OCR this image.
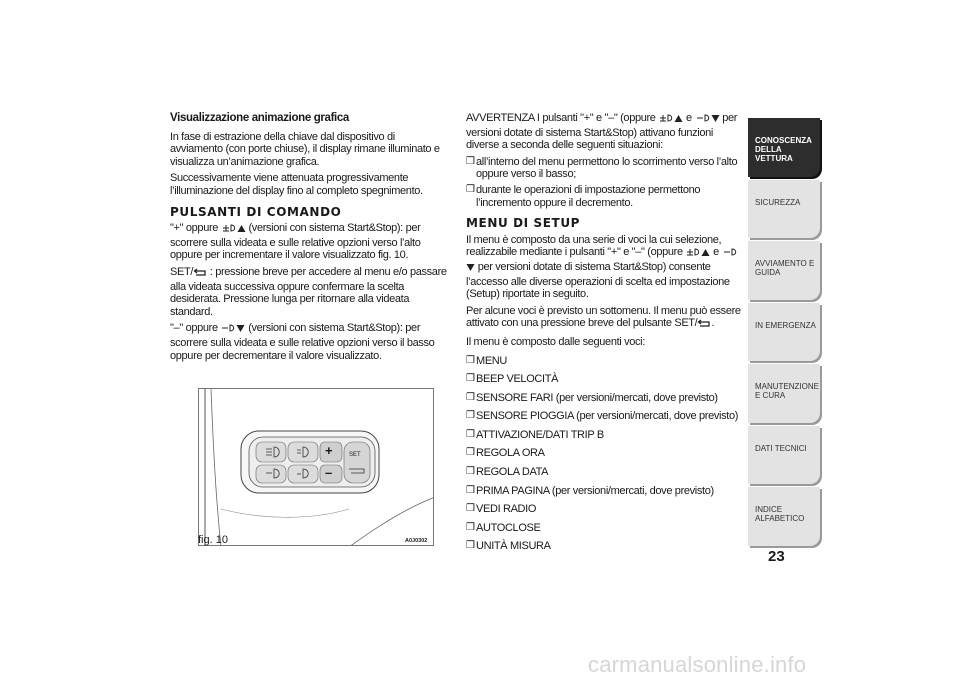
Visualizzazione animazione grafica

In fase di estrazione della chiave dal dispositivo di avviamento (con porte chiuse), il display rimane illuminato e visualizza un’animazione grafica.

Successivamente viene attenuata progressivamente l’illuminazione del display fino al completo spegnimento.

PULSANTI DI COMANDO

"+" oppure	(versioni con sistema Start&Stop): per scorrere sulla videata e sulle relative opzioni verso l’alto oppure per incrementare il valore visualizzato fig. 10.

SET/ : pressione breve per accedere al menu e/o passare alla videata successiva oppure confermare la scelta desiderata. Pressione lunga per ritornare alla videata standard.

"–" oppure	(versioni con sistema Start&Stop): per scorrere sulla videata e sulle relative opzioni verso il basso oppure per decrementare il valore visualizzato.

+
–
SET
fig. 10	A0J0302

AVVERTENZA I pulsanti "+" e "–" (oppure	e	per versioni dotate di sistema Start&Stop) attivano funzioni diverse a seconda delle seguenti situazioni:

❒ all’interno del menu permettono lo scorrimento verso l’alto oppure verso il basso;
❒ durante le operazioni di impostazione permettono l’incremento oppure il decremento.
MENU DI SETUP

Il menu è composto da una serie di voci la cui selezione, realizzabile mediante i pulsanti "+" e "–" (oppure	e  per versioni dotate di sistema Start&Stop) consente l’accesso alle diverse operazioni di scelta ed impostazione (Setup) riportate in seguito.

Per alcune voci è previsto un sottomenu. Il menu può essere attivato con una pressione breve del pulsante SET/ .

Il menu è composto dalle seguenti voci:

❒ MENU
❒ BEEP VELOCITÀ
❒ SENSORE FARI (per versioni/mercati, dove previsto)
❒ SENSORE PIOGGIA (per versioni/mercati, dove previsto)
❒ ATTIVAZIONE/DATI TRIP B
❒ REGOLA ORA
❒ REGOLA DATA
❒ PRIMA PAGINA (per versioni/mercati, dove previsto)
❒ VEDI RADIO
❒ AUTOCLOSE
❒ UNITÀ MISURA
CONOSCENZA DELLA VETTURA
SICUREZZA
AVVIAMENTO E GUIDA
IN EMERGENZA
MANUTENZIONE E CURA
DATI TECNICI
INDICE ALFABETICO
23
carmanualsonline.info
